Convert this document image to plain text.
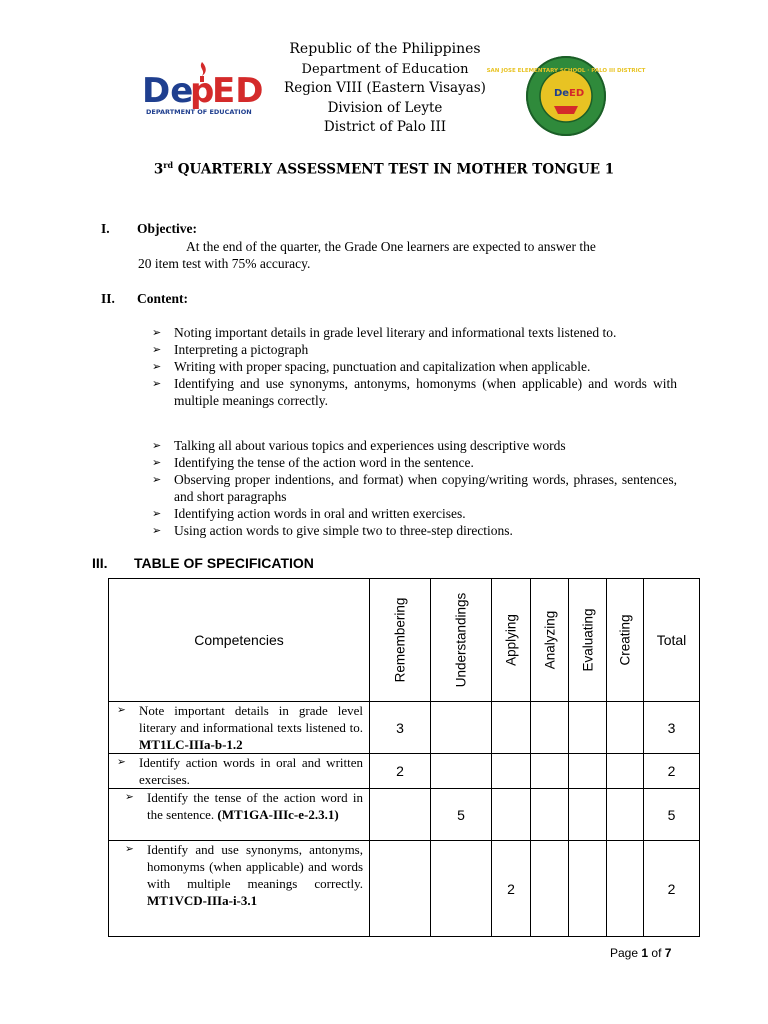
De
p
ED
DEPARTMENT OF EDUCATION
Republic of the Philippines
Department of Education
Region VIII (Eastern Visayas)
Division of Leyte
District of Palo III
De ED
SAN JOSE ELEMENTARY SCHOOL · PALO III DISTRICT
3rd QUARTERLY ASSESSMENT TEST IN MOTHER TONGUE 1
I. Objective:
At the end of the quarter, the Grade One learners are expected to answer the
20 item test with 75% accuracy.
II. Content:
➢ Noting important details in grade level literary and informational texts listened to.
➢ Interpreting a pictograph
➢ Writing with proper spacing, punctuation and capitalization when applicable.
➢ Identifying and use synonyms, antonyms, homonyms (when applicable) and words with multiple meanings correctly.
➢ Talking all about various topics and experiences using descriptive words
➢ Identifying the tense of the action word in the sentence.
➢ Observing proper indentions, and format) when copying/writing words, phrases, sentences, and short paragraphs
➢ Identifying action words in oral and written exercises.
➢ Using action words to give simple two to three-step directions.
III. TABLE OF SPECIFICATION
Competencies	Remembering	Understandings	Applying	Analyzing	Evaluating	Creating	Total

➢ Note important details in grade level literary and informational texts listened to. MT1LC-IIIa-b-1.2	3						3

➢ Identify action words in oral and written exercises.	2						2

➢ Identify the tense of the action word in the sentence. (MT1GA-IIIc-e-2.3.1)		5					5

➢ Identify and use synonyms, antonyms, homonyms (when applicable) and words with multiple meanings correctly. MT1VCD-IIIa-i-3.1			2				2
Page 1 of 7
